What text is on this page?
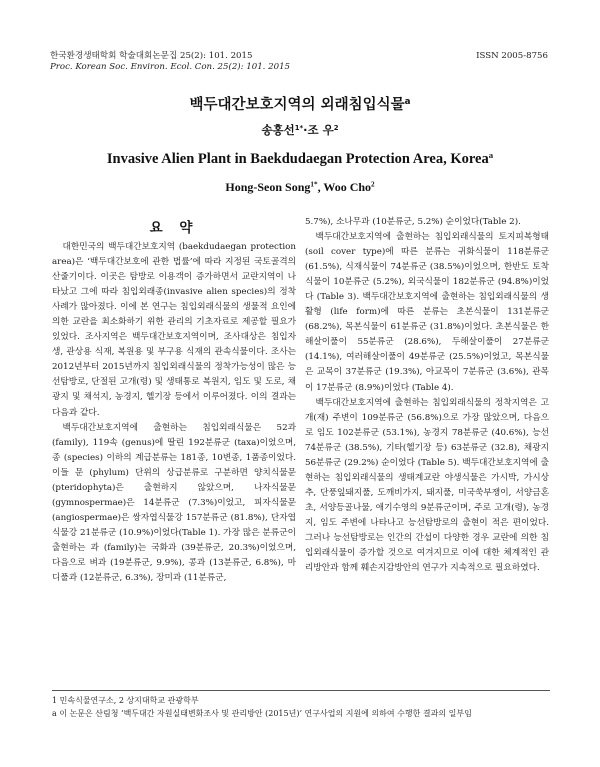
한국환경생태학회 학술대회논문집 25(2): 101. 2015
Proc. Korean Soc. Environ. Ecol. Con. 25(2): 101. 2015
ISSN 2005-8756
백두대간보호지역의 외래침입식물$^a$
송홍선$^{1*}$·조 우$^2$
Invasive Alien Plant in Baekdudaegan Protection Area, Korea$^a$
Hong-Seon Song$^{1*}$, Woo Cho$^2$
요 약

대한민국의 백두대간보호지역 (baekdudaegan protection area)은 ‘백두대간보호에 관한 법률’에 따라 지정된 국토골격의 산줄기이다. 이곳은 탐방로 이용객이 증가하면서 교란지역이 나타났고 그에 따라 침입외래종(invasive alien species)의 정착사례가 많아졌다. 이에 본 연구는 침입외래식물의 생물적 요인에 의한 교란을 최소화하기 위한 관리의 기초자료로 제공할 필요가 있었다. 조사지역은 백두대간보호지역이며, 조사대상은 침입자생, 관상용 식재, 복원용 및 부구용 식재의 관속식물이다. 조사는 2012년부터 2015년까지 침입외래식물의 정착가능성이 많은 능선탐방로, 단절된 고개(령) 및 생태통로 복원지, 임도 및 도로, 채광지 및 채석지, 농경지, 헬기장 등에서 이루어졌다. 이의 결과는 다음과 같다.

백두대간보호지역에 출현하는 침입외래식물은 52과 (family), 119속 (genus)에 딸린 192분류군 (taxa)이었으며, 종 (species) 이하의 계급분류는 181종, 10변종, 1품종이었다. 이들 문 (phylum) 단위의 상급분류로 구분하면 양치식물문 (pteridophyta)은 출현하지 않았으며, 나자식물문 (gymnospermae)은 14분류군 (7.3%)이었고, 피자식물문 (angiospermae)은 쌍자엽식물강 157분류군 (81.8%), 단자엽식물강 21분류군 (10.9%)이었다(Table 1). 가장 많은 분류군이 출현하는 과 (family)는 국화과 (39분류군, 20.3%)이었으며, 다음으로 벼과 (19분류군, 9.9%), 콩과 (13분류군, 6.8%), 마디풀과 (12분류군, 6.3%), 장미과 (11분류군,

5.7%), 소나무과 (10분류군, 5.2%) 순이었다(Table 2).

백두대간보호지역에 출현하는 침입외래식물의 토지피복형태 (soil cover type)에 따른 분류는 귀화식물이 118분류군 (61.5%), 식재식물이 74분류군 (38.5%)이었으며, 한반도 토착식물이 10분류군 (5.2%), 외국식물이 182분류군 (94.8%)이었다 (Table 3). 백두대간보호지역에 출현하는 침입외래식물의 생활형 (life form)에 따른 분류는 초본식물이 131분류군 (68.2%), 목본식물이 61분류군 (31.8%)이었다. 초본식물은 한해살이풀이 55분류군 (28.6%), 두해살이풀이 27분류군 (14.1%), 여러해살이풀이 49분류군 (25.5%)이었고, 목본식물은 교목이 37분류군 (19.3%), 아교목이 7분류군 (3.6%), 관목이 17분류군 (8.9%)이었다 (Table 4).

백두대간보호지역에 출현하는 침입외래식물의 정착지역은 고개(재) 주변이 109분류군 (56.8%)으로 가장 많았으며, 다음으로 임도 102분류군 (53.1%), 농경지 78분류군 (40.6%), 능선 74분류군 (38.5%), 기타(헬기장 등) 63분류군 (32.8), 채광지 56분류군 (29.2%) 순이었다 (Table 5). 백두대간보호지역에 출현하는 침입외래식물의 생태계교란 야생식물은 가시박, 가시상추, 단풍잎돼지풀, 도깨비가지, 돼지풀, 미국쑥부쟁이, 서양금혼초, 서양등골나물, 애기수영의 9분류군이며, 주로 고개(령), 농경지, 임도 주변에 나타나고 능선탐방로의 출현이 적은 편이었다. 그러나 능선탐방로는 인간의 간섭이 다양한 경우 교란에 의한 침입외래식물이 증가할 것으로 여겨지므로 이에 대한 체계적인 관리방안과 함께 훼손지감방안의 연구가 지속적으로 필요하였다.

1 민속식물연구소, 2 상지대학교 관광학부
a 이 논문은 산림청 ‘백두대간 자원실태변화조사 및 관리방안 (2015년)’ 연구사업의 지원에 의하여 수행한 결과의 일부임
